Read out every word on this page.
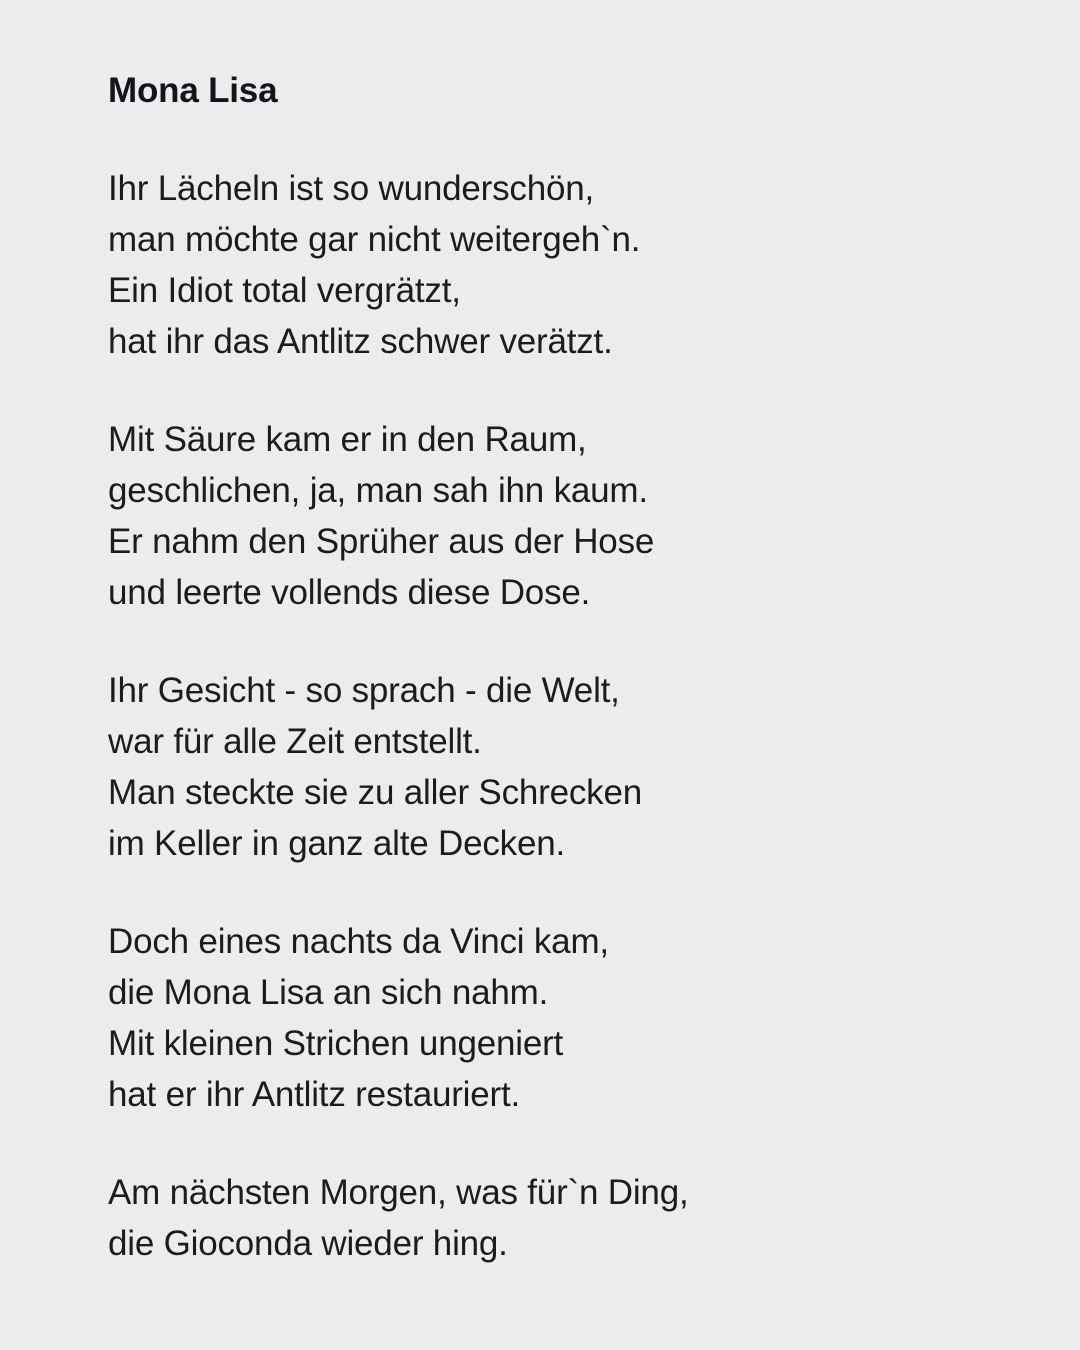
Mona Lisa
Ihr Lächeln ist so wunderschön,
man möchte gar nicht weitergeh`n.
Ein Idiot total vergrätzt,
hat ihr das Antlitz schwer verätzt.
Mit Säure kam er in den Raum,
geschlichen, ja, man sah ihn kaum.
Er nahm den Sprüher aus der Hose
und leerte vollends diese Dose.
Ihr Gesicht - so sprach - die Welt,
war für alle Zeit entstellt.
Man steckte sie zu aller Schrecken
im Keller in ganz alte Decken.
Doch eines nachts da Vinci kam,
die Mona Lisa an sich nahm.
Mit kleinen Strichen ungeniert
hat er ihr Antlitz restauriert.
Am nächsten Morgen, was für`n Ding,
die Gioconda wieder hing.
